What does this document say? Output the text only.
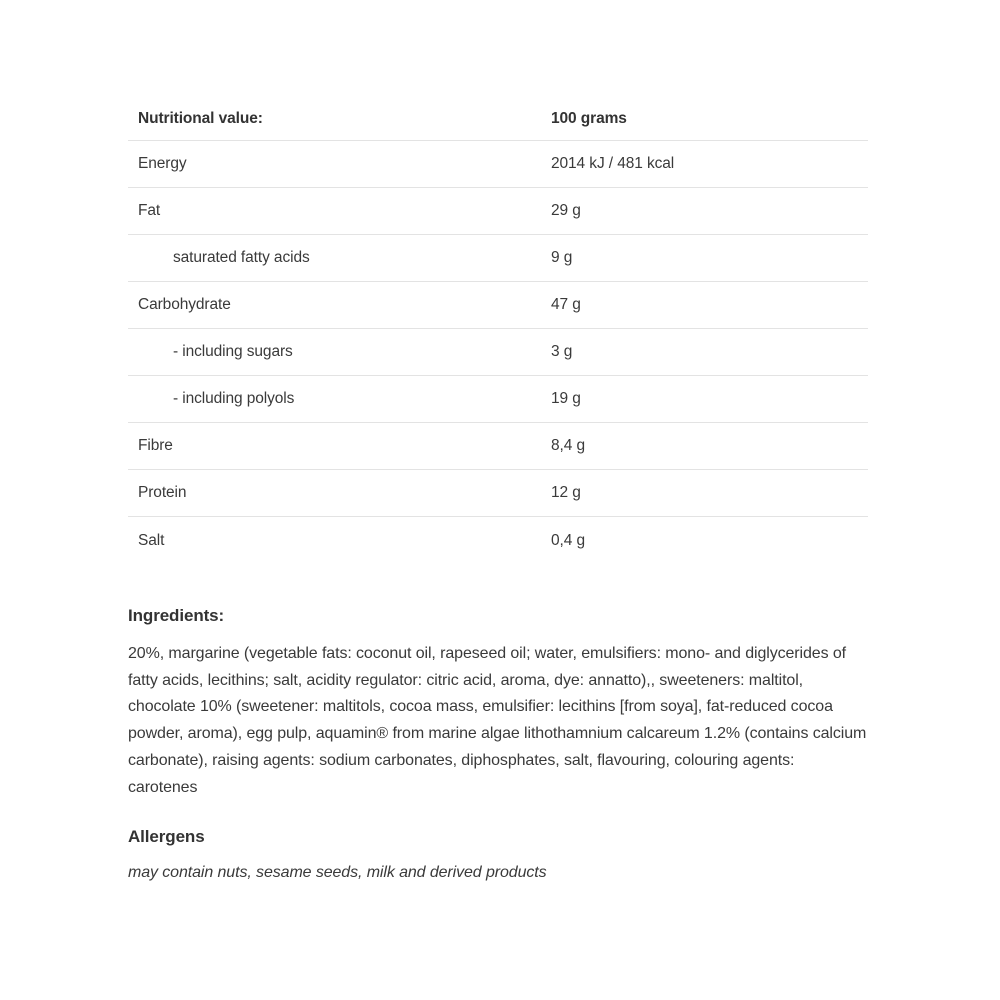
Nutritional value:	100 grams
Energy	2014 kJ / 481 kcal
Fat	29 g
saturated fatty acids	9 g
Carbohydrate	47 g
- including sugars	3 g
- including polyols	19 g
Fibre	8,4 g
Protein	12 g
Salt	0,4 g
Ingredients:
20%, margarine (vegetable fats: coconut oil, rapeseed oil; water, emulsifiers: mono- and diglycerides of fatty acids, lecithins; salt, acidity regulator: citric acid, aroma, dye: annatto),, sweeteners: maltitol, chocolate 10% (sweetener: maltitols, cocoa mass, emulsifier: lecithins [from soya], fat-reduced cocoa powder, aroma), egg pulp, aquamin® from marine algae lithothamnium calcareum 1.2% (contains calcium carbonate), raising agents: sodium carbonates, diphosphates, salt, flavouring, colouring agents: carotenes
Allergens
may contain nuts, sesame seeds, milk and derived products
